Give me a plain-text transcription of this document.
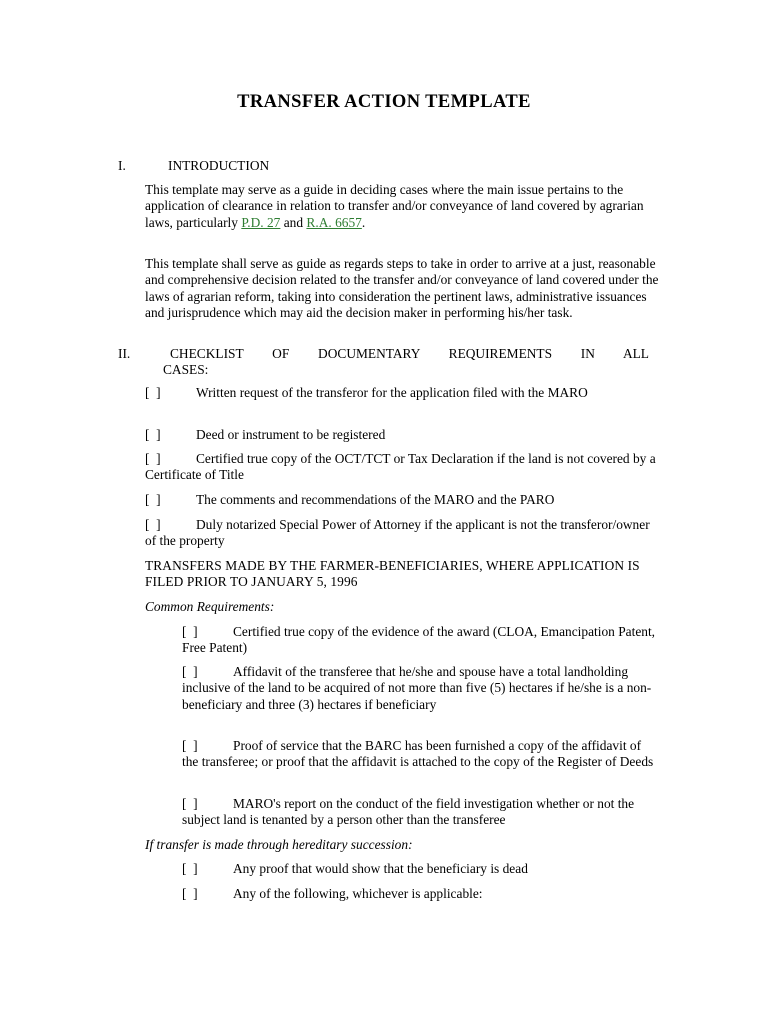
TRANSFER ACTION TEMPLATE
I.	INTRODUCTION
This template may serve as a guide in deciding cases where the main issue pertains to the application of clearance in relation to transfer and/or conveyance of land covered by agrarian laws, particularly P.D. 27 and R.A. 6657.
This template shall serve as guide as regards steps to take in order to arrive at a just, reasonable and comprehensive decision related to the transfer and/or conveyance of land covered under the laws of agrarian reform, taking into consideration the pertinent laws, administrative issuances and jurisprudence which may aid the decision maker in performing his/her task.
II.	CHECKLIST OF DOCUMENTARY REQUIREMENTS IN ALL
CASES:
[  ]	Written request of the transferor for the application filed with the MARO
[  ]	Deed or instrument to be registered
[  ]	Certified true copy of the OCT/TCT or Tax Declaration if the land is not covered by a Certificate of Title
[  ]	The comments and recommendations of the MARO and the PARO
[  ]	Duly notarized Special Power of Attorney if the applicant is not the transferor/owner of the property
TRANSFERS MADE BY THE FARMER-BENEFICIARIES, WHERE APPLICATION IS FILED PRIOR TO JANUARY 5, 1996
Common Requirements:
[  ]	Certified true copy of the evidence of the award (CLOA, Emancipation Patent, Free Patent)
[  ]	Affidavit of the transferee that he/she and spouse have a total landholding inclusive of the land to be acquired of not more than five (5) hectares if he/she is a non-beneficiary and three (3) hectares if beneficiary
[  ]	Proof of service that the BARC has been furnished a copy of the affidavit of the transferee; or proof that the affidavit is attached to the copy of the Register of Deeds
[  ]	MARO's report on the conduct of the field investigation whether or not the subject land is tenanted by a person other than the transferee
If transfer is made through hereditary succession:
[  ]	Any proof that would show that the beneficiary is dead
[  ]	Any of the following, whichever is applicable:
